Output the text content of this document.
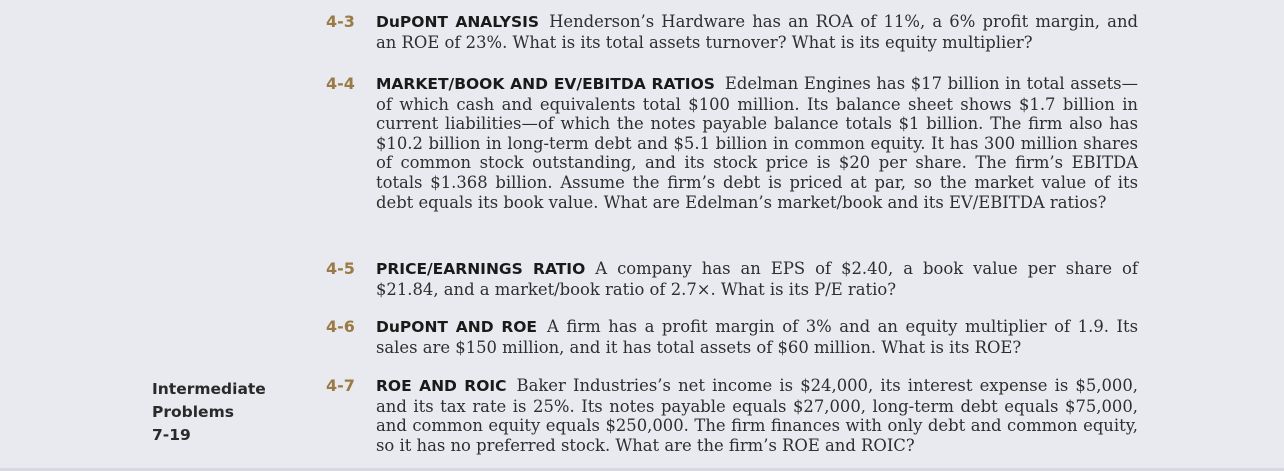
4-3 DuPONT ANALYSIS Henderson’s Hardware has an ROA of 11%, a 6% profit margin, and an ROE of 23%. What is its total assets turnover? What is its equity multiplier?
4-4 MARKET/BOOK AND EV/EBITDA RATIOS Edelman Engines has $17 billion in total assets—of which cash and equivalents total $100 million. Its balance sheet shows $1.7 billion in current liabilities—of which the notes payable balance totals $1 billion. The firm also has $10.2 billion in long-term debt and $5.1 billion in common equity. It has 300 million shares of common stock outstanding, and its stock price is $20 per share. The firm’s EBITDA totals $1.368 billion. Assume the firm’s debt is priced at par, so the market value of its debt equals its book value. What are Edelman’s market/book and its EV/EBITDA ratios?
4-5 PRICE/EARNINGS RATIO A company has an EPS of $2.40, a book value per share of $21.84, and a market/book ratio of 2.7×. What is its P/E ratio?
4-6 DuPONT AND ROE A firm has a profit margin of 3% and an equity multiplier of 1.9. Its sales are $150 million, and it has total assets of $60 million. What is its ROE?
4-7 ROE AND ROIC Baker Industries’s net income is $24,000, its interest expense is $5,000, and its tax rate is 25%. Its notes payable equals $27,000, long-term debt equals $75,000, and common equity equals $250,000. The firm finances with only debt and common equity, so it has no preferred stock. What are the firm’s ROE and ROIC?
Intermediate
Problems
7-19
